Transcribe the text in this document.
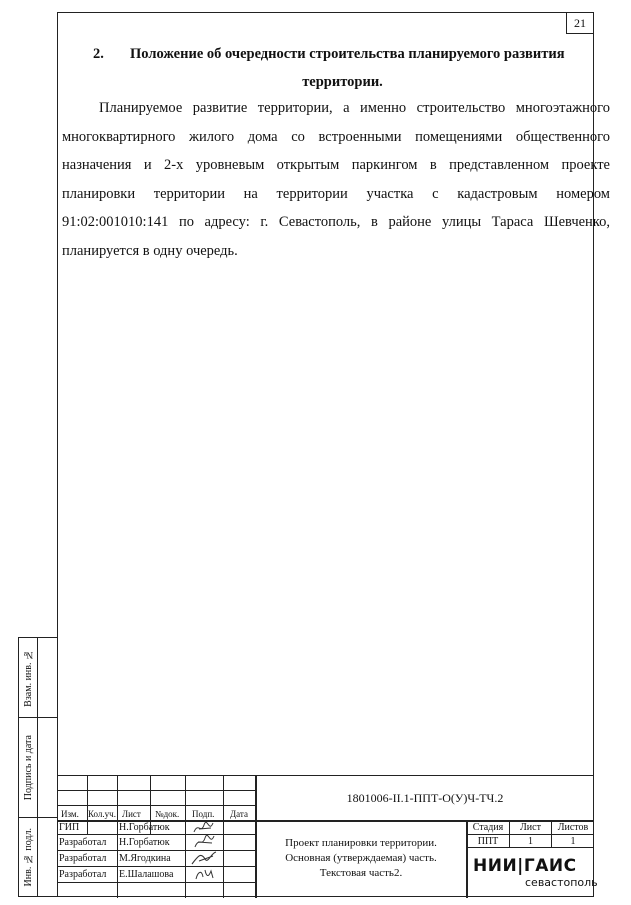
21
2. Положение об очередности строительства планируемого развития
территории.
Планируемое развитие территории, а именно строительство многоэтажного многоквартирного жилого дома со встроенными помещениями общественного назначения и 2-х уровневым открытым паркингом в представленном проекте планировки территории на территории участка с кадастровым номером 91:02:001010:141 по адресу: г. Севастополь, в районе улицы Тараса Шевченко, планируется в одну очередь.
Взам. инв. №
Подпись и дата
Инв. № подл.
Изм. Кол.уч. Лист №док. Подп. Дата
1801006-II.1-ППТ-О(У)Ч-ТЧ.2
ГИП	Н.Горбатюк
Разработал Н.Горбатюк
Разработал М.Ягодкина
Разработал Е.Шалашова
Проект планировки территории.
Основная (утверждаемая) часть.
Текстовая часть2.
Стадия	Лист	Листов
ППТ	1	1
НИИ|ГАИС
севастополь
